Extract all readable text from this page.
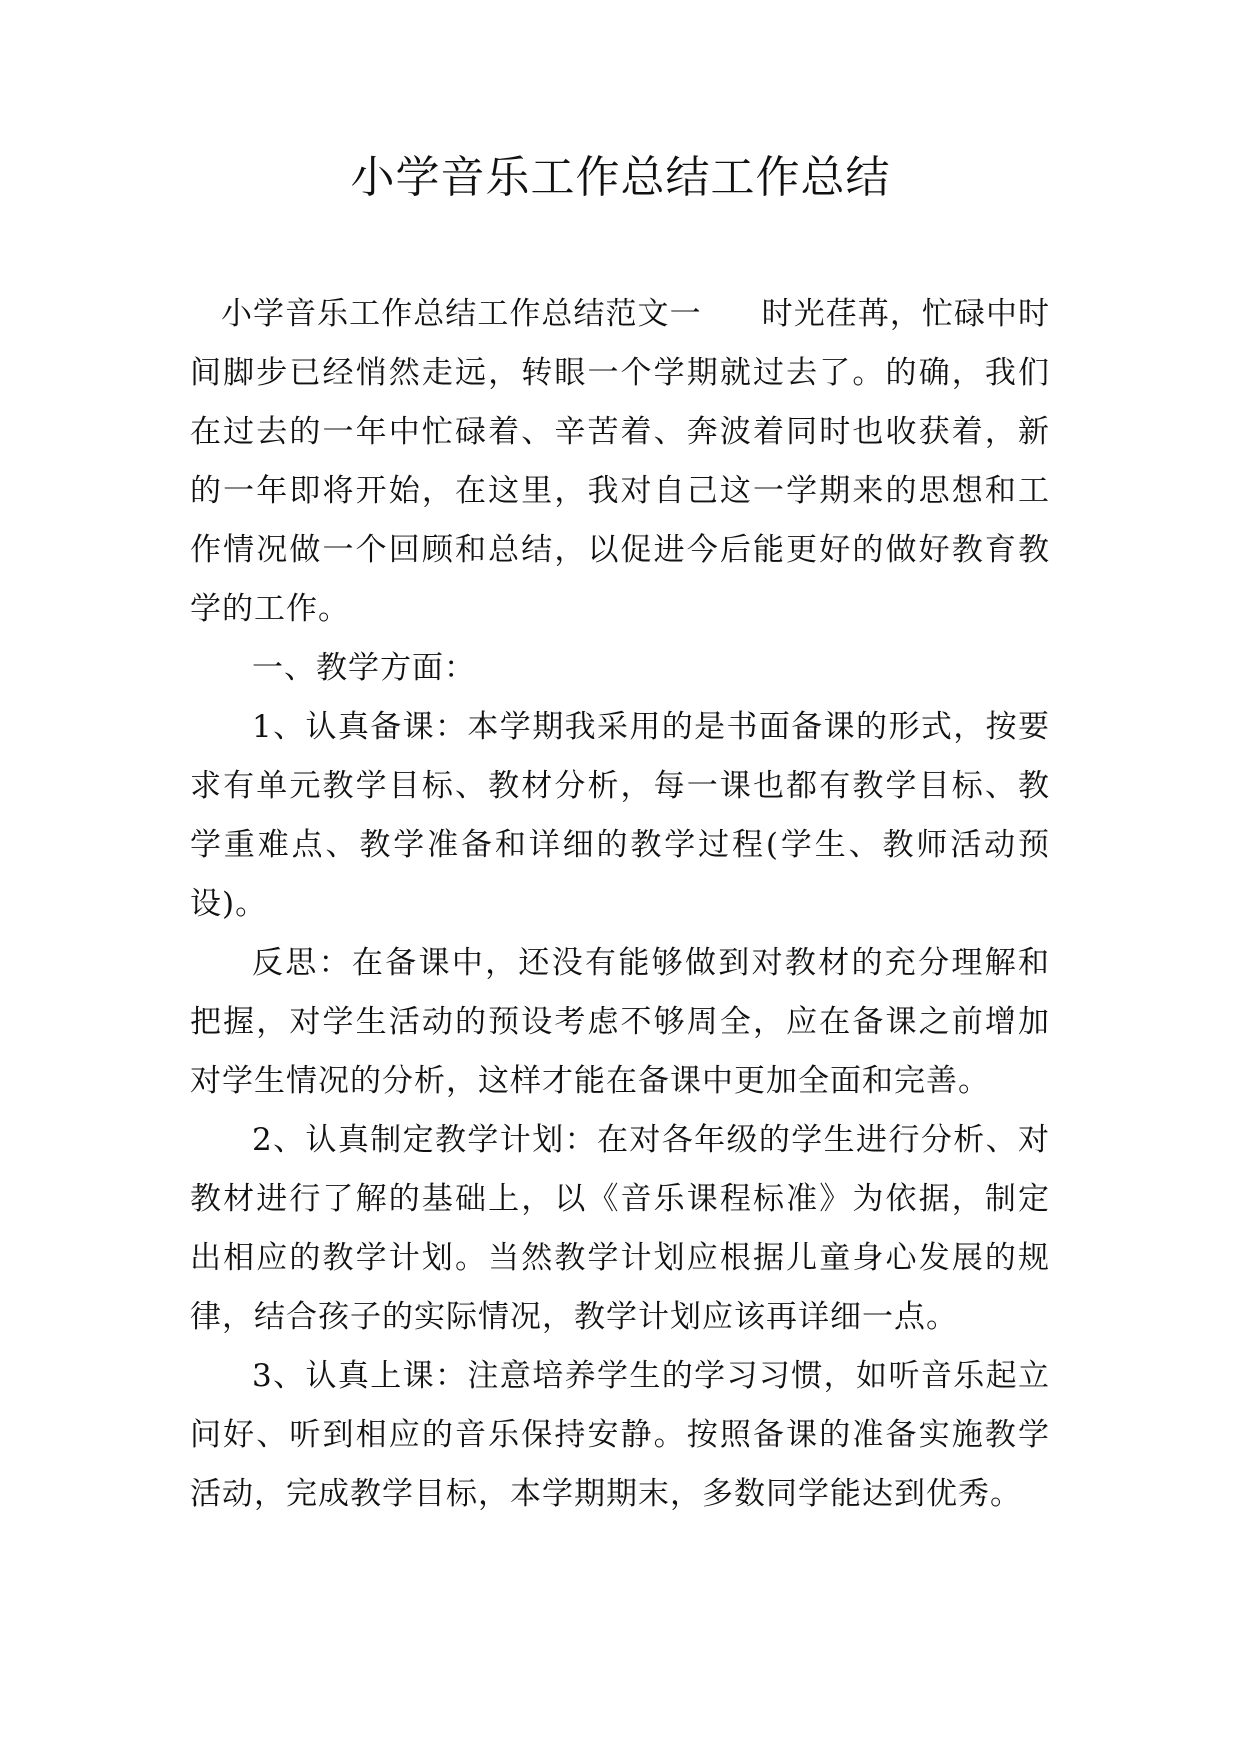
小学音乐工作总结工作总结

小学音乐工作总结工作总结范文一 时光荏苒，忙碌中时间脚步已经悄然走远，转眼一个学期就过去了。的确，我们在过去的一年中忙碌着、辛苦着、奔波着同时也收获着，新的一年即将开始，在这里，我对自己这一学期来的思想和工作情况做一个回顾和总结，以促进今后能更好的做好教育教学的工作。

一、教学方面：

1、认真备课：本学期我采用的是书面备课的形式，按要求有单元教学目标、教材分析，每一课也都有教学目标、教学重难点、教学准备和详细的教学过程(学生、教师活动预设)。

反思：在备课中，还没有能够做到对教材的充分理解和把握，对学生活动的预设考虑不够周全，应在备课之前增加对学生情况的分析，这样才能在备课中更加全面和完善。

2、认真制定教学计划：在对各年级的学生进行分析、对教材进行了解的基础上，以《音乐课程标准》为依据，制定出相应的教学计划。当然教学计划应根据儿童身心发展的规律，结合孩子的实际情况，教学计划应该再详细一点。

3、认真上课：注意培养学生的学习习惯，如听音乐起立问好、听到相应的音乐保持安静。按照备课的准备实施教学活动，完成教学目标，本学期期末，多数同学能达到优秀。
